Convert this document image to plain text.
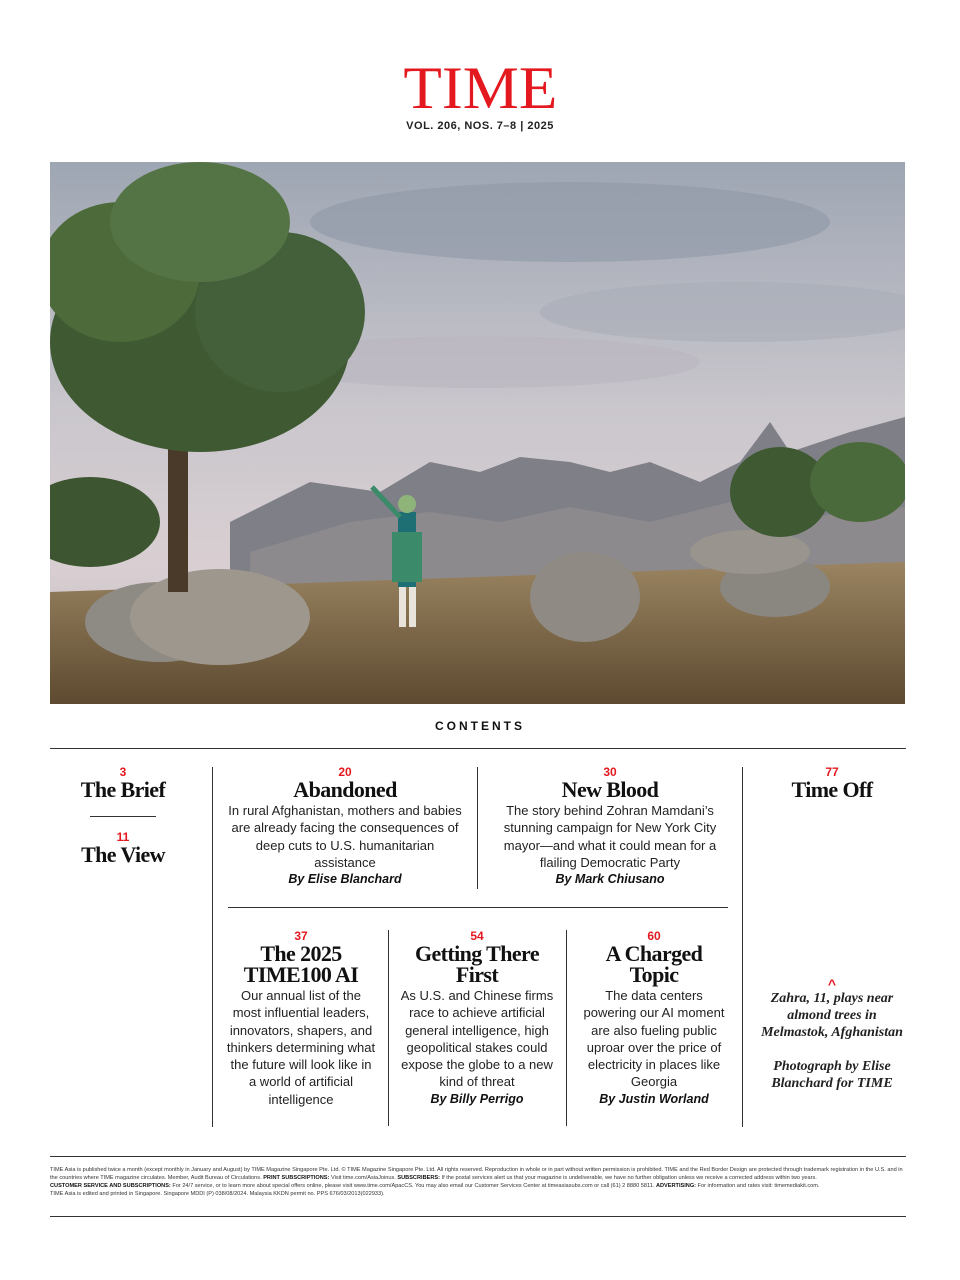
TIME
VOL. 206, NOS. 7–8 | 2025
CONTENTS
3
The Brief
11
The View
20
Abandoned
In rural Afghanistan, mothers and babies are already facing the consequences of deep cuts to U.S. humanitarian assistance
By Elise Blanchard
30
New Blood
The story behind Zohran Mamdani’s stunning campaign for New York City mayor—and what it could mean for a flailing Democratic Party
By Mark Chiusano
77
Time Off
37
The 2025
TIME100 AI
Our annual list of the most influential leaders, innovators, shapers, and thinkers determining what the future will look like in a world of artificial intelligence
54
Getting There
First
As U.S. and Chinese firms race to achieve artificial general intelligence, high geopolitical stakes could expose the globe to a new kind of threat
By Billy Perrigo
60
A Charged
Topic
The data centers powering our AI moment are also fueling public uproar over the price of electricity in places like Georgia
By Justin Worland
^
Zahra, 11, plays near almond trees in Melmastok, Afghanistan
Photograph by Elise Blanchard for TIME
TIME Asia is published twice a month (except monthly in January and August) by TIME Magazine Singapore Pte. Ltd. © TIME Magazine Singapore Pte. Ltd. All rights reserved. Reproduction in whole or in part without written permission is prohibited. TIME and the Red Border Design are protected through trademark registration in the U.S. and in the countries where TIME magazine circulates. Member, Audit Bureau of Circulations. PRINT SUBSCRIPTIONS: Visit time.com/AsiaJoinus. SUBSCRIBERS: If the postal services alert us that your magazine is undeliverable, we have no further obligation unless we receive a corrected address within two years.
CUSTOMER SERVICE AND SUBSCRIPTIONS: For 24/7 service, or to learn more about special offers online, please visit www.time.com/ApacCS. You may also email our Customer Services Center at timeasiasubs.com or call (61) 2 8880 5811. ADVERTISING: For information and rates visit: timemediakit.com.
TIME Asia is edited and printed in Singapore. Singapore MDDI (P) 038/08/2024. Malaysia KKDN permit no. PPS 676/03/2013(022933).
